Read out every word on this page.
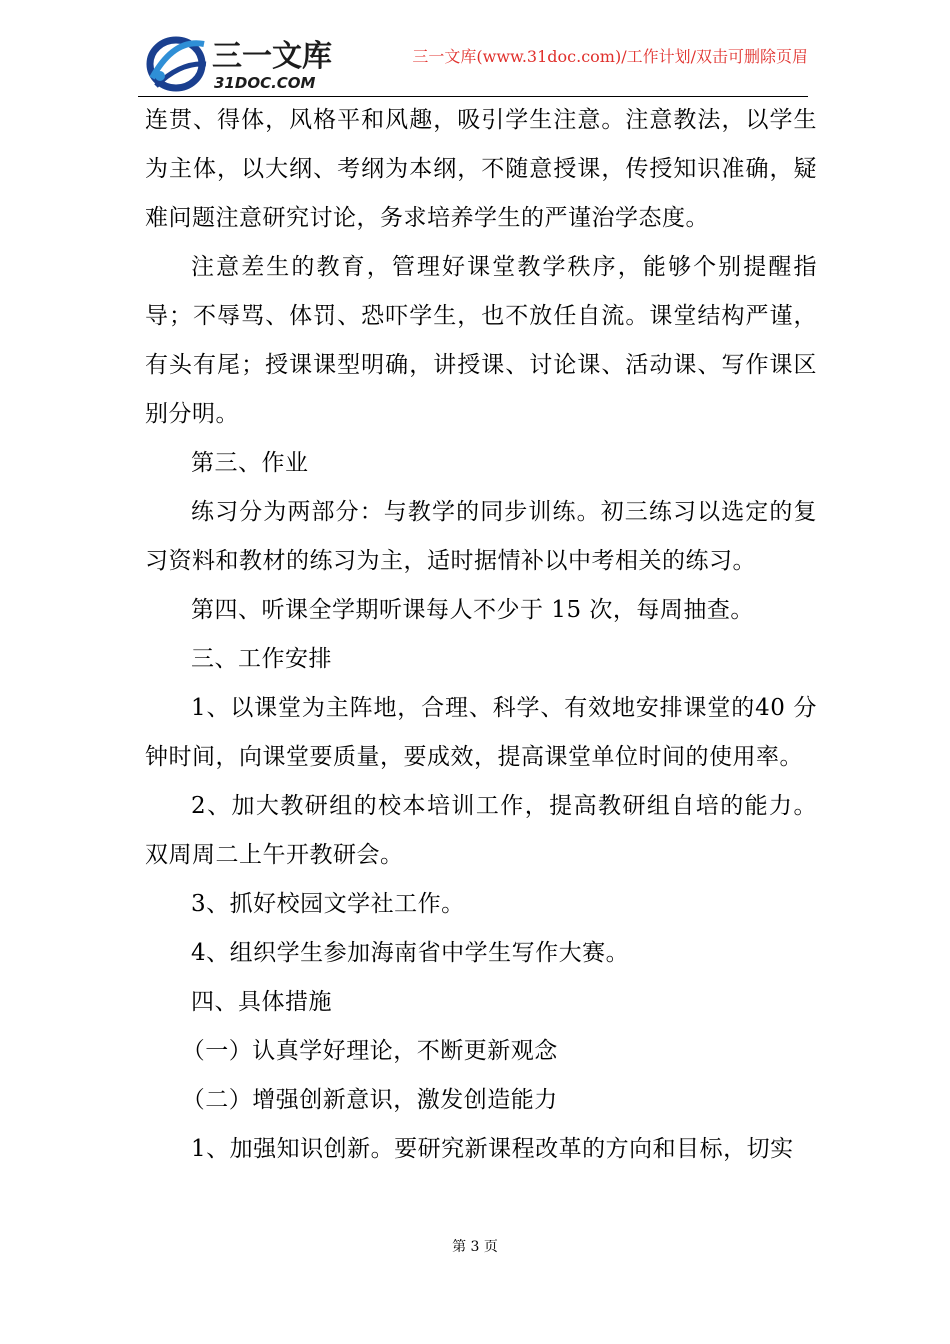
三一文库
31DOC.COM
三一文库(www.31doc.com)/工作计划/双击可删除页眉

连贯、得体，风格平和风趣，吸引学生注意。注意教法，以学生为主体，以大纲、考纲为本纲，不随意授课，传授知识准确，疑难问题注意研究讨论，务求培养学生的严谨治学态度。

注意差生的教育，管理好课堂教学秩序，能够个别提醒指导；不辱骂、体罚、恐吓学生，也不放任自流。课堂结构严谨，有头有尾；授课课型明确，讲授课、讨论课、活动课、写作课区别分明。

第三、作业

练习分为两部分：与教学的同步训练。初三练习以选定的复习资料和教材的练习为主，适时据情补以中考相关的练习。

第四、听课全学期听课每人不少于 15 次，每周抽查。

三、工作安排

1、以课堂为主阵地，合理、科学、有效地安排课堂的40 分钟时间，向课堂要质量，要成效，提高课堂单位时间的使用率。

2、加大教研组的校本培训工作，提高教研组自培的能力。双周周二上午开教研会。

3、抓好校园文学社工作。

4、组织学生参加海南省中学生写作大赛。

四、具体措施

（一）认真学好理论，不断更新观念

（二）增强创新意识，激发创造能力

1、加强知识创新。要研究新课程改革的方向和目标，切实

第 3 页
